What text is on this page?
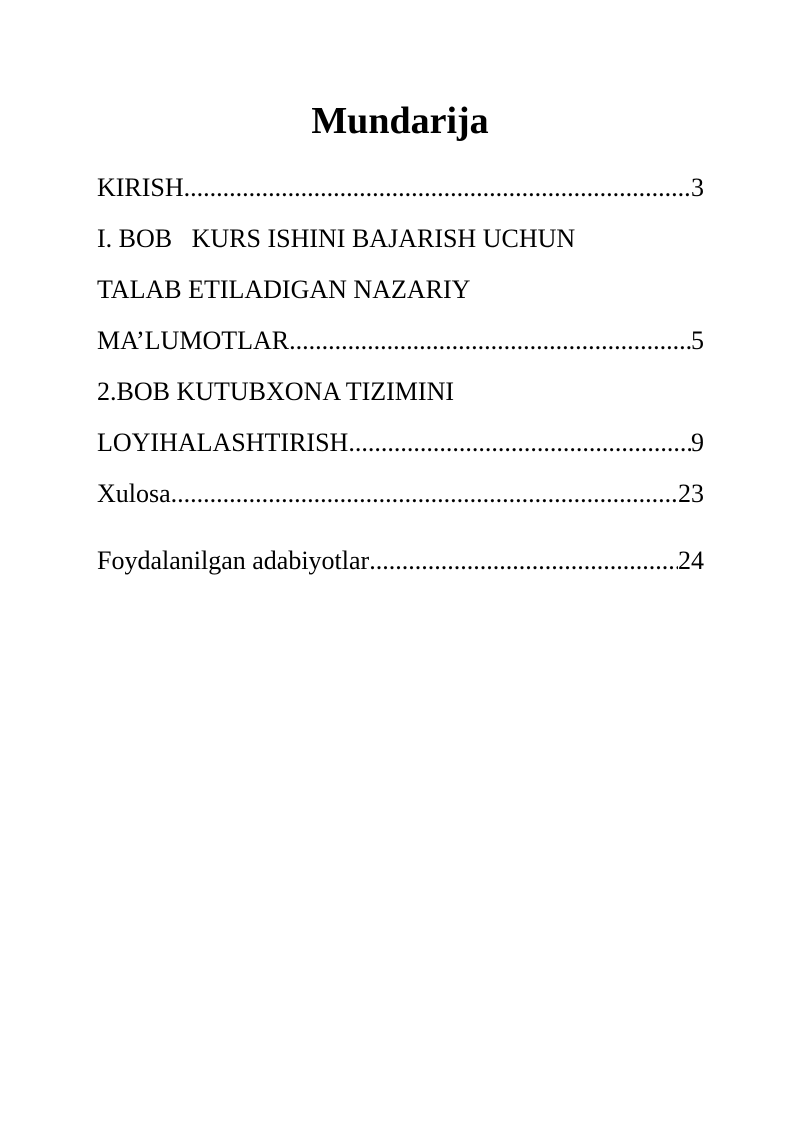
Mundarija
KIRISH .....	3
I. BOB   KURS ISHINI BAJARISH UCHUN
TALAB ETILADIGAN NAZARIY
MA’LUMOTLAR .....	5
2.BOB KUTUBXONA TIZIMINI
LOYIHALASHTIRISH .....	9
Xulosa .....	23
Foydalanilgan adabiyotlar .....	24
